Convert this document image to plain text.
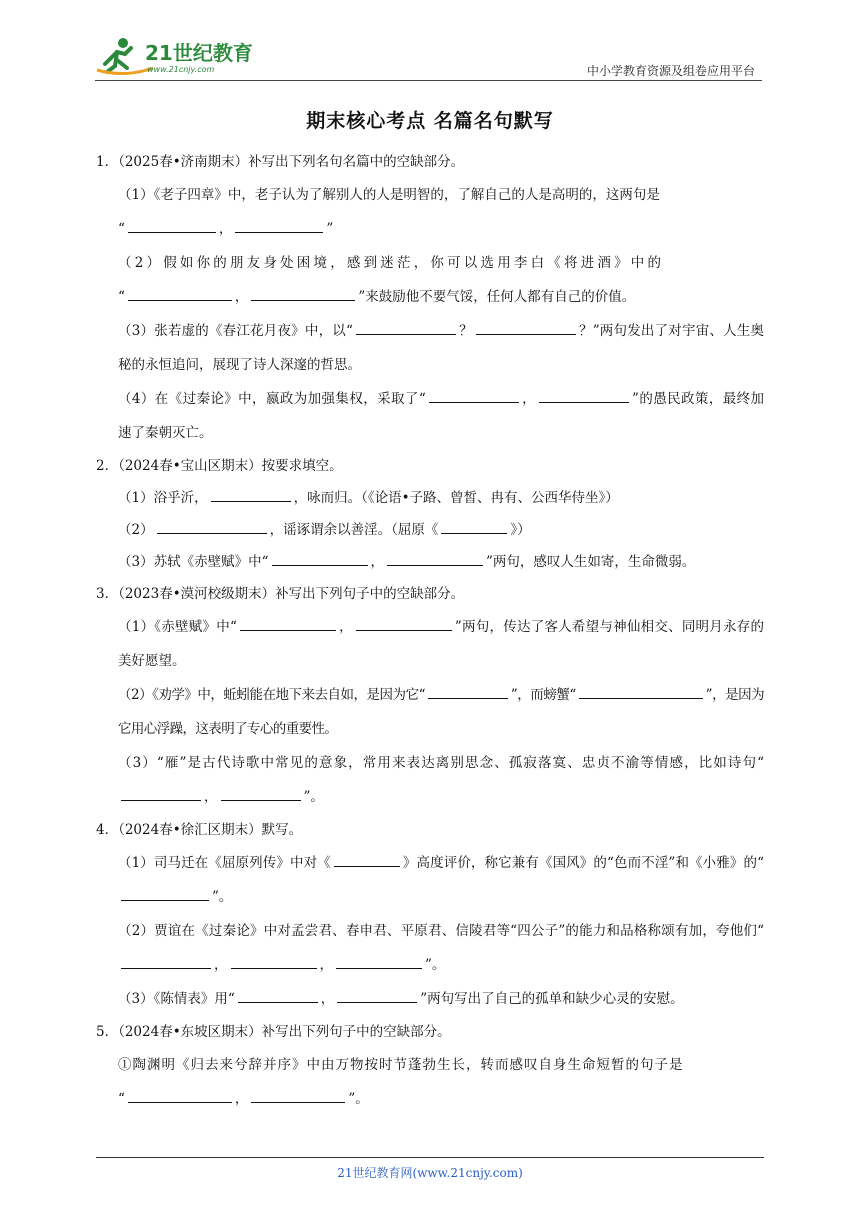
21世纪教育
www.21cnjy.com	中小学教育资源及组卷应用平台
期末核心考点 名篇名句默写
1．（2025春•济南期末）补写出下列名句名篇中的空缺部分。
（1）《老子四章》中，老子认为了解别人的人是明智的，了解自己的人是高明的，这两句是
“	，	”
（2）假如你的朋友身处困境，感到迷茫，你可以选用李白《将进酒》中的
“	，	”来鼓励他不要气馁，任何人都有自己的价值。
（3）张若虚的《春江花月夜》中，以“	？	？”两句发出了对宇宙、人生奥秘的永恒追问，展现了诗人深邃的哲思。
（4）在《过秦论》中，嬴政为加强集权，采取了“	，	”的愚民政策，最终加速了秦朝灭亡。
2．（2024春•宝山区期末）按要求填空。
（1）浴乎沂，	，咏而归。（《论语•子路、曾皙、冉有、公西华侍坐》）
（2）	，谣诼谓余以善淫。（屈原《	》）
（3）苏轼《赤壁赋》中“	，	”两句，感叹人生如寄，生命微弱。
3．（2023春•漠河校级期末）补写出下列句子中的空缺部分。
（1）《赤壁赋》中“	，	”两句，传达了客人希望与神仙相交、同明月永存的美好愿望。
（2）《劝学》中，蚯蚓能在地下来去自如，是因为它“	”，而螃蟹“	”，是因为它用心浮躁，这表明了专心的重要性。
（3）“雁”是古代诗歌中常见的意象，常用来表达离别思念、孤寂落寞、忠贞不渝等情感，比如诗句“，	”。
4．（2024春•徐汇区期末）默写。
（1）司马迁在《屈原列传》中对《	》高度评价，称它兼有《国风》的“色而不淫”和《小雅》的“”。
（2）贾谊在《过秦论》中对孟尝君、春申君、平原君、信陵君等“四公子”的能力和品格称颂有加，夸他们“，	，	”。
（3）《陈情表》用“	，	”两句写出了自己的孤单和缺少心灵的安慰。
5．（2024春•东坡区期末）补写出下列句子中的空缺部分。
①陶渊明《归去来兮辞并序》中由万物按时节蓬勃生长，转而感叹自身生命短暂的句子是
“	，	”。
21世纪教育网(www.21cnjy.com)
